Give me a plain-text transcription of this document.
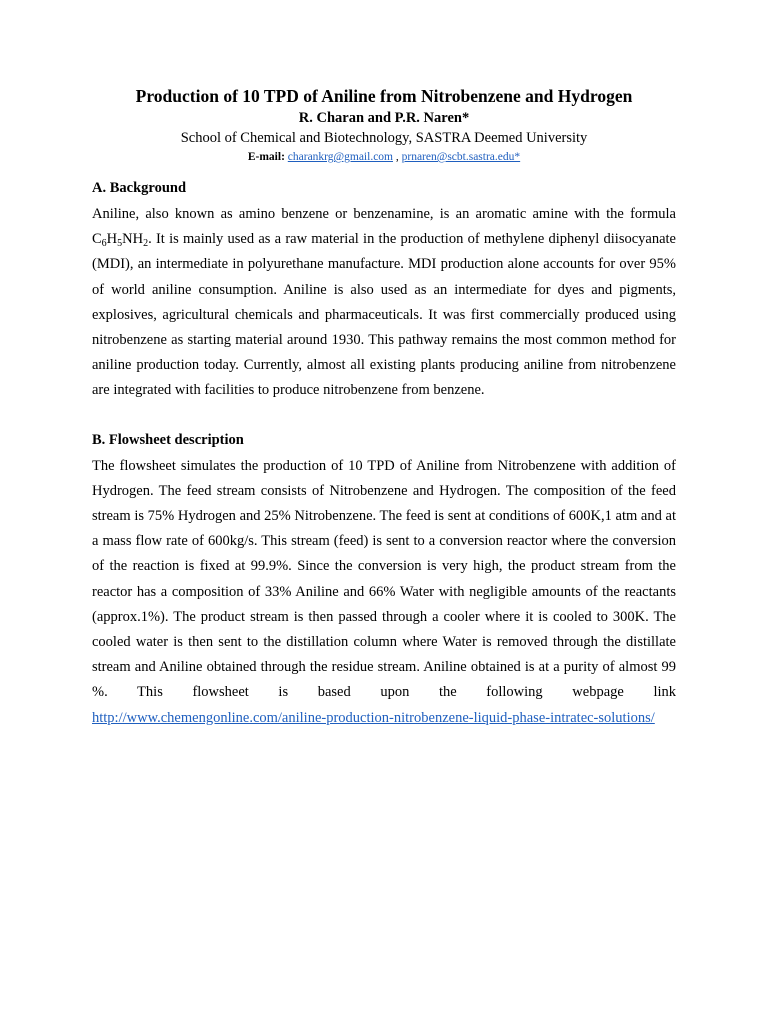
Production of 10 TPD of Aniline from Nitrobenzene and Hydrogen

R. Charan and P.R. Naren*

School of Chemical and Biotechnology, SASTRA Deemed University

E-mail: charankrg@gmail.com , prnaren@scbt.sastra.edu*

A. Background

Aniline, also known as amino benzene or benzenamine, is an aromatic amine with the formula $C_6H_5NH_2$. It is mainly used as a raw material in the production of methylene diphenyl diisocyanate (MDI), an intermediate in polyurethane manufacture. MDI production alone accounts for over 95% of world aniline consumption. Aniline is also used as an intermediate for dyes and pigments, explosives, agricultural chemicals and pharmaceuticals. It was first commercially produced using nitrobenzene as starting material around 1930. This pathway remains the most common method for aniline production today. Currently, almost all existing plants producing aniline from nitrobenzene are integrated with facilities to produce nitrobenzene from benzene.

B. Flowsheet description

The flowsheet simulates the production of 10 TPD of Aniline from Nitrobenzene with addition of Hydrogen. The feed stream consists of Nitrobenzene and Hydrogen. The composition of the feed stream is 75% Hydrogen and 25% Nitrobenzene. The feed is sent at conditions of 600K,1 atm and at a mass flow rate of 600kg/s. This stream (feed) is sent to a conversion reactor where the conversion of the reaction is fixed at 99.9%. Since the conversion is very high, the product stream from the reactor has a composition of 33% Aniline and 66% Water with negligible amounts of the reactants (approx.1%). The product stream is then passed through a cooler where it is cooled to 300K. The cooled water is then sent to the distillation column where Water is removed through the distillate stream and Aniline obtained through the residue stream. Aniline obtained is at a purity of almost 99 %. This flowsheet is based upon the following webpage link http://www.chemengonline.com/aniline-production-nitrobenzene-liquid-phase-intratec-solutions/
